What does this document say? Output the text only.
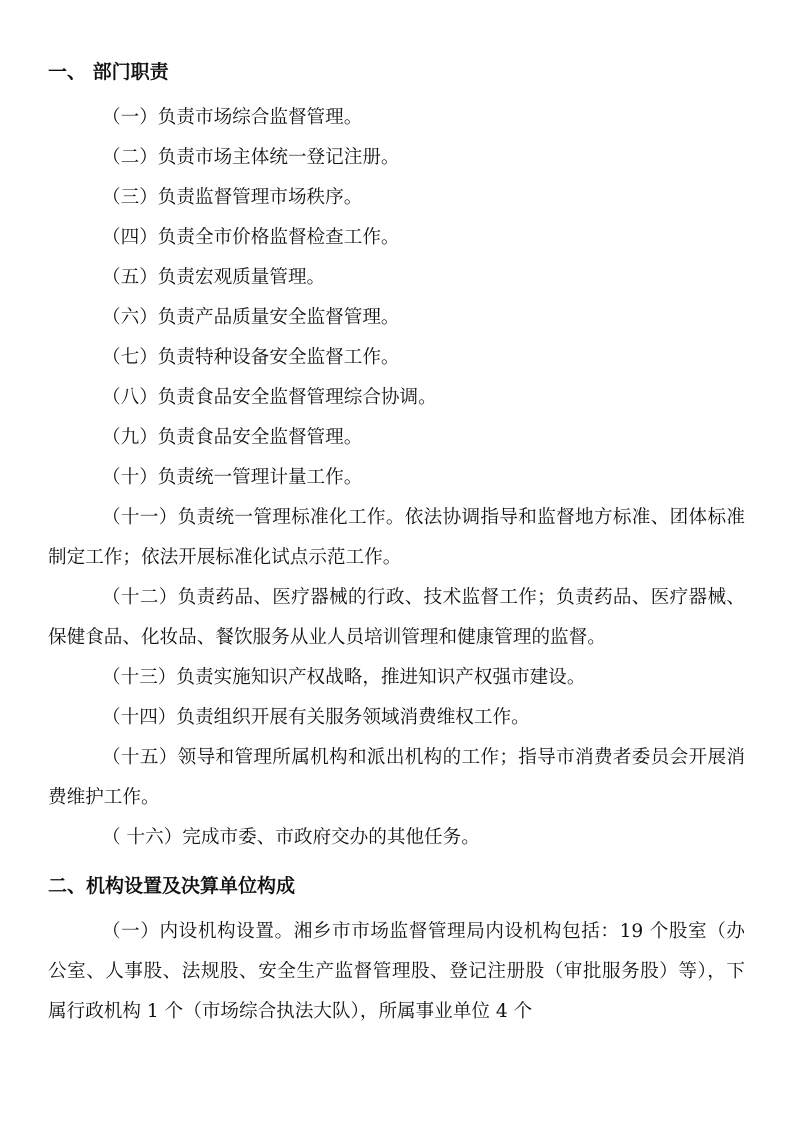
一、 部门职责

（一）负责市场综合监督管理。

（二）负责市场主体统一登记注册。

（三）负责监督管理市场秩序。

（四）负责全市价格监督检查工作。

（五）负责宏观质量管理。

（六）负责产品质量安全监督管理。

（七）负责特种设备安全监督工作。

（八）负责食品安全监督管理综合协调。

（九）负责食品安全监督管理。

（十）负责统一管理计量工作。

（十一）负责统一管理标准化工作。依法协调指导和监督地方标准、团体标准制定工作；依法开展标准化试点示范工作。

（十二）负责药品、医疗器械的行政、技术监督工作；负责药品、医疗器械、保健食品、化妆品、餐饮服务从业人员培训管理和健康管理的监督。

（十三）负责实施知识产权战略，推进知识产权强市建设。

（十四）负责组织开展有关服务领域消费维权工作。

（十五）领导和管理所属机构和派出机构的工作；指导市消费者委员会开展消费维护工作。

（ 十六）完成市委、市政府交办的其他任务。

二、机构设置及决算单位构成

（一）内设机构设置。湘乡市市场监督管理局内设机构包括：19 个股室（办公室、人事股、法规股、安全生产监督管理股、登记注册股（审批服务股）等），下属行政机构 1 个（市场综合执法大队），所属事业单位 4 个
